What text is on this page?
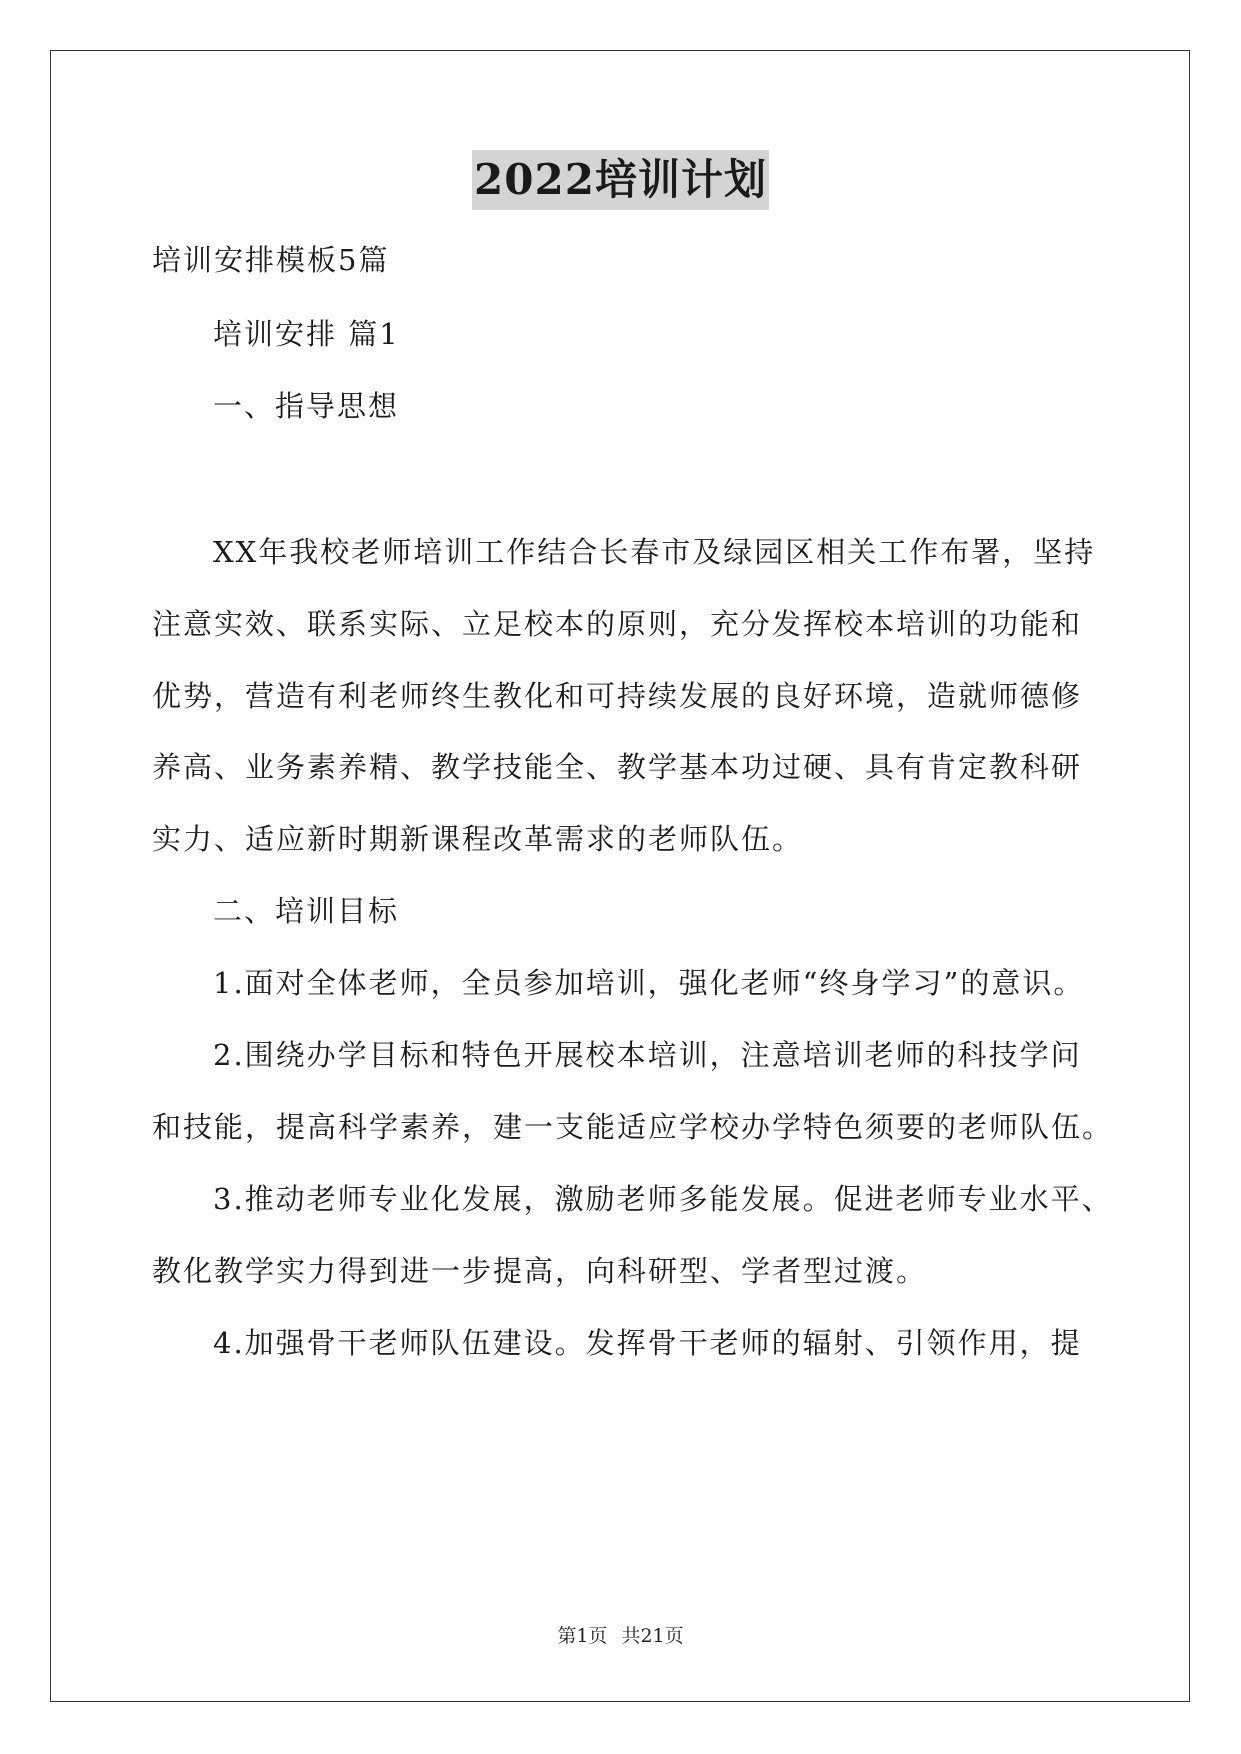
2022培训计划
培训安排模板5篇
培训安排 篇1
一、指导思想
XX年我校老师培训工作结合长春市及绿园区相关工作布署，坚持
注意实效、联系实际、立足校本的原则，充分发挥校本培训的功能和
优势，营造有利老师终生教化和可持续发展的良好环境，造就师德修
养高、业务素养精、教学技能全、教学基本功过硬、具有肯定教科研
实力、适应新时期新课程改革需求的老师队伍。
二、培训目标
1.面对全体老师，全员参加培训，强化老师“终身学习”的意识。
2.围绕办学目标和特色开展校本培训，注意培训老师的科技学问
和技能，提高科学素养，建一支能适应学校办学特色须要的老师队伍。
3.推动老师专业化发展，激励老师多能发展。促进老师专业水平、
教化教学实力得到进一步提高，向科研型、学者型过渡。
4.加强骨干老师队伍建设。发挥骨干老师的辐射、引领作用，提
第1页 共21页
